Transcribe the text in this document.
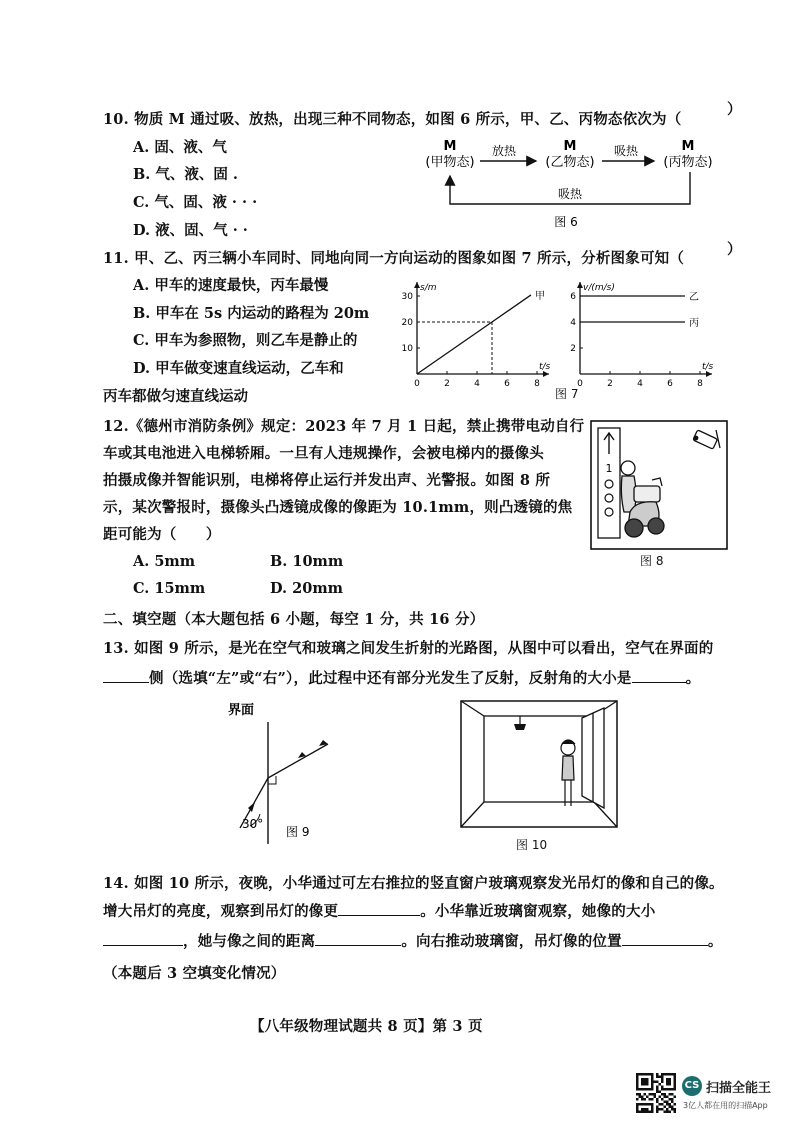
10. 物质 M 通过吸、放热，出现三种不同物态，如图 6 所示，甲、乙、丙物态依次为（
）
A. 固、液、气
B. 气、液、固 .
C. 气、固、液 · · ·
D. 液、固、气 · ·
M
(甲物态)
M
(乙物态)
M
(丙物态)
放热	吸热
吸热
图 6
11. 甲、乙、丙三辆小车同时、同地向同一方向运动的图象如图 7 所示，分析图象可知（
）
A. 甲车的速度最快，丙车最慢
B. 甲车在 5s 内运动的路程为 20m
C. 甲车为参照物，则乙车是静止的
D. 甲车做变速直线运动，乙车和
丙车都做匀速直线运动
0	2	4	6	8
10
20
30
s/m
t/s
甲
0	2	4	6	8
2
4
6
v/(m/s)
t/s
乙
丙
图 7
12.《德州市消防条例》规定：2023 年 7 月 1 日起，禁止携带电动自行
车或其电池进入电梯轿厢。一旦有人违规操作，会被电梯内的摄像头
拍摄成像并智能识别，电梯将停止运行并发出声、光警报。如图 8 所
示，某次警报时，摄像头凸透镜成像的像距为 10.1mm，则凸透镜的焦
距可能为（　　）
A. 5mm	B. 10mm
C. 15mm	D. 20mm
1
图 8
二、填空题（本大题包括 6 小题，每空 1 分，共 16 分）
13. 如图 9 所示，是光在空气和玻璃之间发生折射的光路图，从图中可以看出，空气在界面的
侧（选填“左”或“右”），此过程中还有部分光发生了反射，反射角的大小是	。
界面
30°
图 9
图 10
14. 如图 10 所示，夜晚，小华通过可左右推拉的竖直窗户玻璃观察发光吊灯的像和自己的像。
增大吊灯的亮度，观察到吊灯的像更	。小华靠近玻璃窗观察，她像的大小
，她与像之间的距离	。向右推动玻璃窗，吊灯像的位置	。
（本题后 3 空填变化情况）
【八年级物理试题共 8 页】第 3 页
CS 扫描全能王
3亿人都在用的扫描App
